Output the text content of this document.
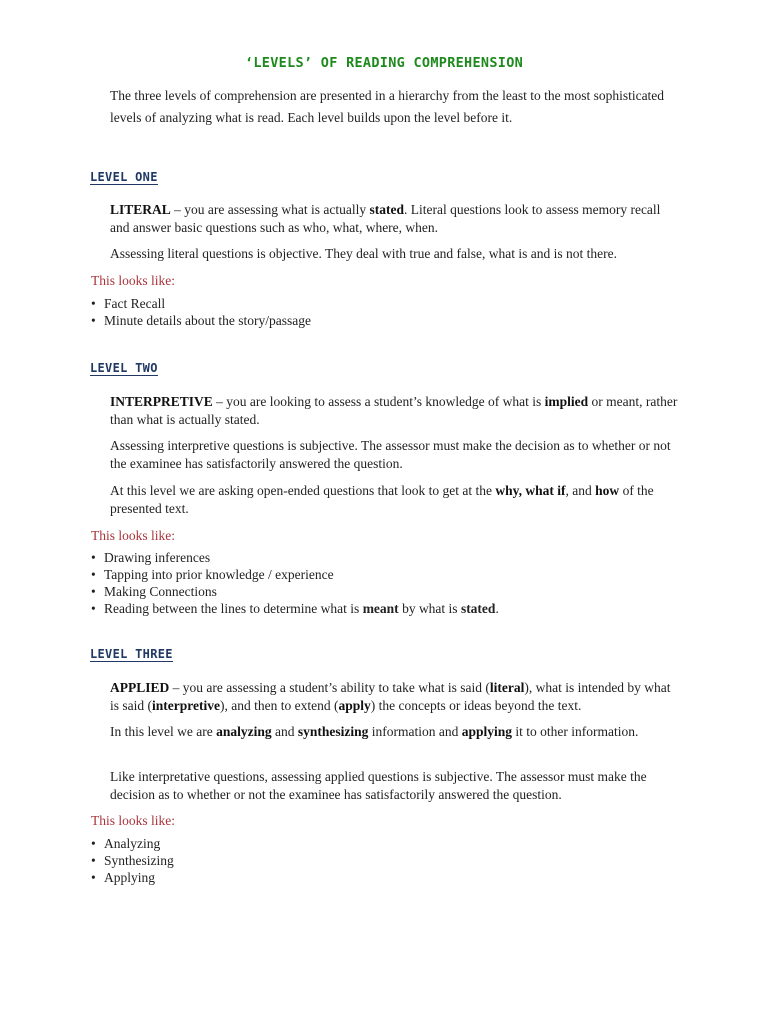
‘LEVELS’ OF READING COMPREHENSION
The three levels of comprehension are presented in a hierarchy from the least to the most sophisticated levels of analyzing what is read. Each level builds upon the level before it.
LEVEL ONE
LITERAL – you are assessing what is actually stated. Literal questions look to assess memory recall and answer basic questions such as who, what, where, when.
Assessing literal questions is objective. They deal with true and false, what is and is not there.
This looks like:
• Fact Recall
• Minute details about the story/passage
LEVEL TWO
INTERPRETIVE – you are looking to assess a student’s knowledge of what is implied or meant, rather than what is actually stated.
Assessing interpretive questions is subjective. The assessor must make the decision as to whether or not the examinee has satisfactorily answered the question.
At this level we are asking open-ended questions that look to get at the why, what if, and how of the presented text.
This looks like:
• Drawing inferences
• Tapping into prior knowledge / experience
• Making Connections
• Reading between the lines to determine what is meant by what is stated.
LEVEL THREE
APPLIED – you are assessing a student’s ability to take what is said (literal), what is intended by what is said (interpretive), and then to extend (apply) the concepts or ideas beyond the text.
In this level we are analyzing and synthesizing information and applying it to other information.
Like interpretative questions, assessing applied questions is subjective. The assessor must make the decision as to whether or not the examinee has satisfactorily answered the question.
This looks like:
• Analyzing
• Synthesizing
• Applying
